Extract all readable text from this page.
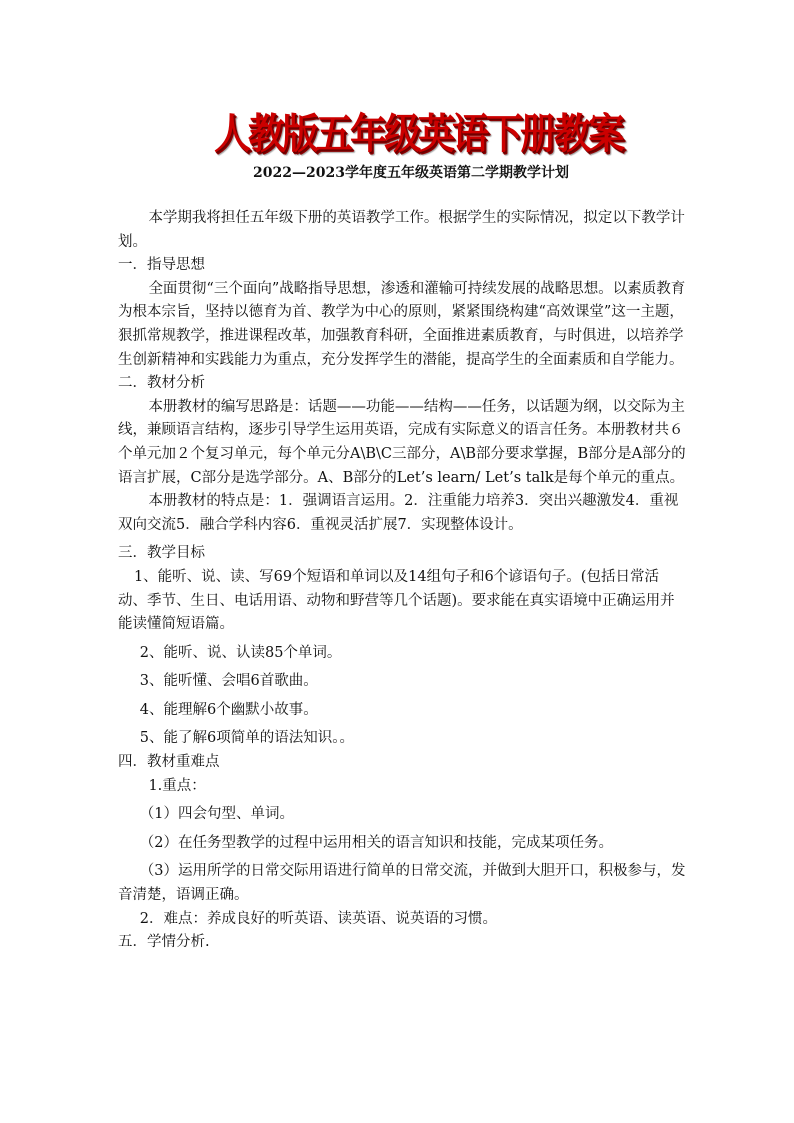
人教版五年级英语下册教案
2022—2023学年度五年级英语第二学期教学计划

本学期我将担任五年级下册的英语教学工作。根据学生的实际情况，拟定以下教学计划。

一．指导思想

全面贯彻“三个面向”战略指导思想，渗透和灌输可持续发展的战略思想。以素质教育为根本宗旨，坚持以德育为首、教学为中心的原则，紧紧围绕构建“高效课堂”这一主题，狠抓常规教学，推进课程改革，加强教育科研，全面推进素质教育，与时俱进，以培养学生创新精神和实践能力为重点，充分发挥学生的潜能，提高学生的全面素质和自学能力。

二．教材分析

本册教材的编写思路是：话题——功能——结构——任务，以话题为纲，以交际为主线，兼顾语言结构，逐步引导学生运用英语，完成有实际意义的语言任务。本册教材共６个单元加２个复习单元，每个单元分A\B\C三部分，A\B部分要求掌握，B部分是A部分的语言扩展，C部分是选学部分。A、B部分的Let’s learn/ Let’s talk是每个单元的重点。

本册教材的特点是：1．强调语言运用。2．注重能力培养3．突出兴趣激发4．重视双向交流5．融合学科内容6．重视灵活扩展7．实现整体设计。

三．教学目标

1、能听、说、读、写69个短语和单词以及14组句子和6个谚语句子。(包括日常活动、季节、生日、电话用语、动物和野营等几个话题)。要求能在真实语境中正确运用并能读懂简短语篇。

2、能听、说、认读85个单词。

3、能听懂、会唱6首歌曲。

4、能理解6个幽默小故事。

5、能了解6项简单的语法知识。。

四．教材重难点

1.重点：

（1）四会句型、单词。

（2）在任务型教学的过程中运用相关的语言知识和技能，完成某项任务。

（3）运用所学的日常交际用语进行简单的日常交流，并做到大胆开口，积极参与，发音清楚，语调正确。

2．难点：养成良好的听英语、读英语、说英语的习惯。

五．学情分析.
